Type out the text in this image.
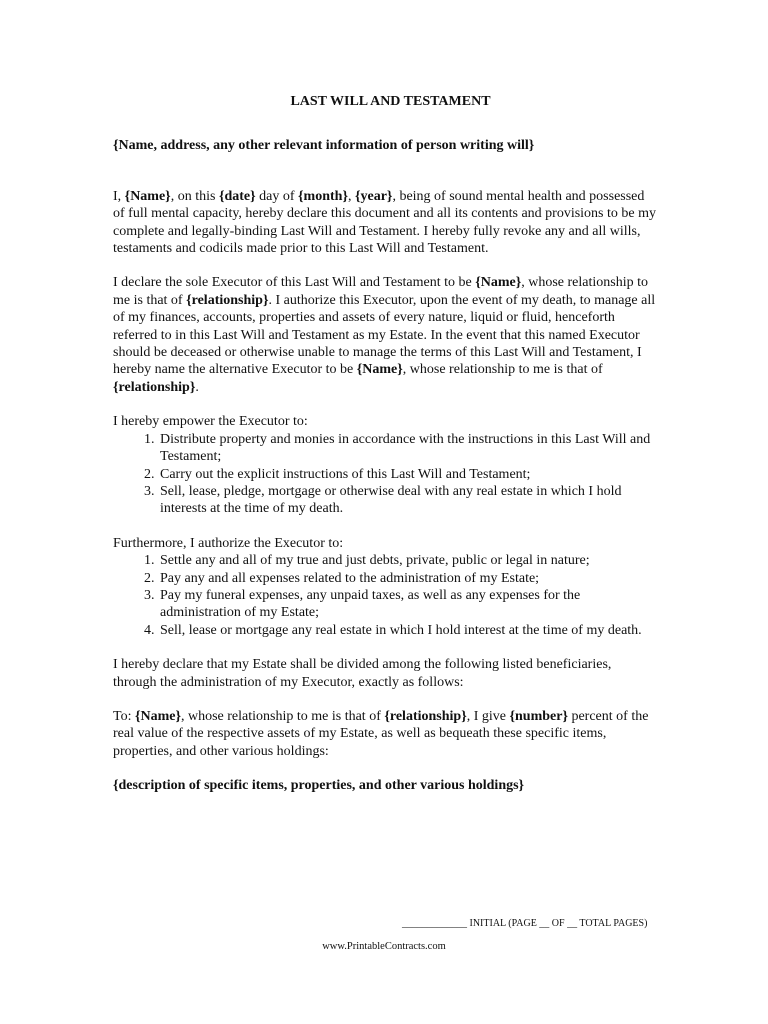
LAST WILL AND TESTAMENT
{Name, address, any other relevant information of person writing will}

I, {Name}, on this {date} day of {month}, {year}, being of sound mental health and possessed of full mental capacity, hereby declare this document and all its contents and provisions to be my complete and legally-binding Last Will and Testament. I hereby fully revoke any and all wills, testaments and codicils made prior to this Last Will and Testament.

I declare the sole Executor of this Last Will and Testament to be {Name}, whose relationship to me is that of {relationship}. I authorize this Executor, upon the event of my death, to manage all of my finances, accounts, properties and assets of every nature, liquid or fluid, henceforth referred to in this Last Will and Testament as my Estate. In the event that this named Executor should be deceased or otherwise unable to manage the terms of this Last Will and Testament, I hereby name the alternative Executor to be {Name}, whose relationship to me is that of {relationship}.

I hereby empower the Executor to:

1. Distribute property and monies in accordance with the instructions in this Last Will and Testament;
2. Carry out the explicit instructions of this Last Will and Testament;
3. Sell, lease, pledge, mortgage or otherwise deal with any real estate in which I hold interests at the time of my death.

Furthermore, I authorize the Executor to:

1. Settle any and all of my true and just debts, private, public or legal in nature;
2. Pay any and all expenses related to the administration of my Estate;
3. Pay my funeral expenses, any unpaid taxes, as well as any expenses for the administration of my Estate;
4. Sell, lease or mortgage any real estate in which I hold interest at the time of my death.

I hereby declare that my Estate shall be divided among the following listed beneficiaries, through the administration of my Executor, exactly as follows:

To: {Name}, whose relationship to me is that of {relationship}, I give {number} percent of the real value of the respective assets of my Estate, as well as bequeath these specific items, properties, and other various holdings:

{description of specific items, properties, and other various holdings}

_____________ INITIAL (PAGE __ OF __ TOTAL PAGES)
www.PrintableContracts.com
